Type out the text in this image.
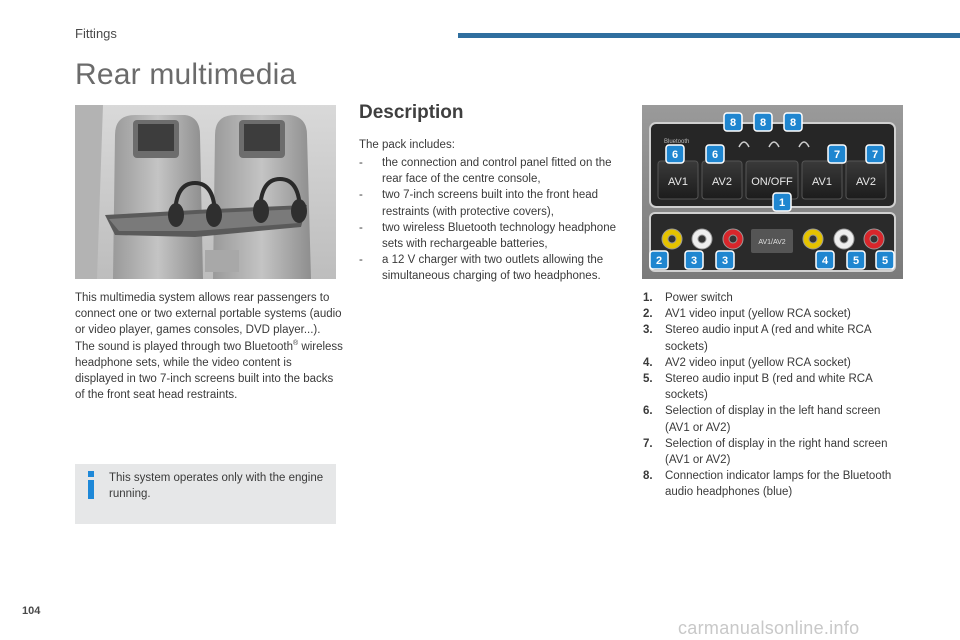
Fittings
Rear multimedia
This multimedia system allows rear passengers to connect one or two external portable systems (audio or video player, games consoles, DVD player...). The sound is played through two Bluetooth® wireless headphone sets, while the video content is displayed in two 7-inch screens built into the backs of the front seat head restraints.
This system operates only with the engine running.
Description
The pack includes:
- the connection and control panel fitted on the rear face of the centre console,
- two 7-inch screens built into the front head restraints (with protective covers),
- two wireless Bluetooth technology headphone sets with rechargeable batteries,
- a 12 V charger with two outlets allowing the simultaneous charging of two headphones.
Bluetooth
AV1 AV2 ON/OFF AV1 AV2
AV1/AV2
8 8 8
6	6	7	7
1
2	3 3	4 5 5
1. Power switch
2. AV1 video input (yellow RCA socket)
3. Stereo audio input A (red and white RCA sockets)
4. AV2 video input (yellow RCA socket)
5. Stereo audio input B (red and white RCA sockets)
6. Selection of display in the left hand screen (AV1 or AV2)
7. Selection of display in the right hand screen (AV1 or AV2)
8. Connection indicator lamps for the Bluetooth audio headphones (blue)
104
carmanualsonline.info
